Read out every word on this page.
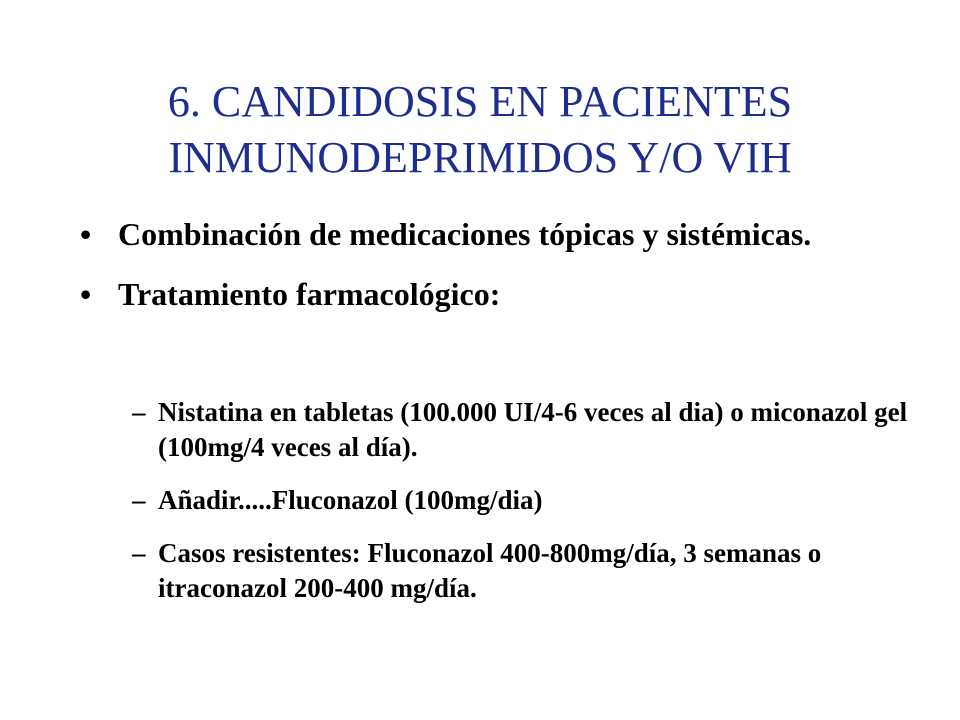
6. CANDIDOSIS EN PACIENTES
INMUNODEPRIMIDOS Y/O VIH
• Combinación de medicaciones tópicas y sistémicas.
• Tratamiento farmacológico:
– Nistatina en tabletas (100.000 UI/4-6 veces al dia) o miconazol gel (100mg/4 veces al día).
– Añadir.....Fluconazol (100mg/dia)
– Casos resistentes: Fluconazol 400-800mg/día, 3 semanas o itraconazol 200-400 mg/día.
